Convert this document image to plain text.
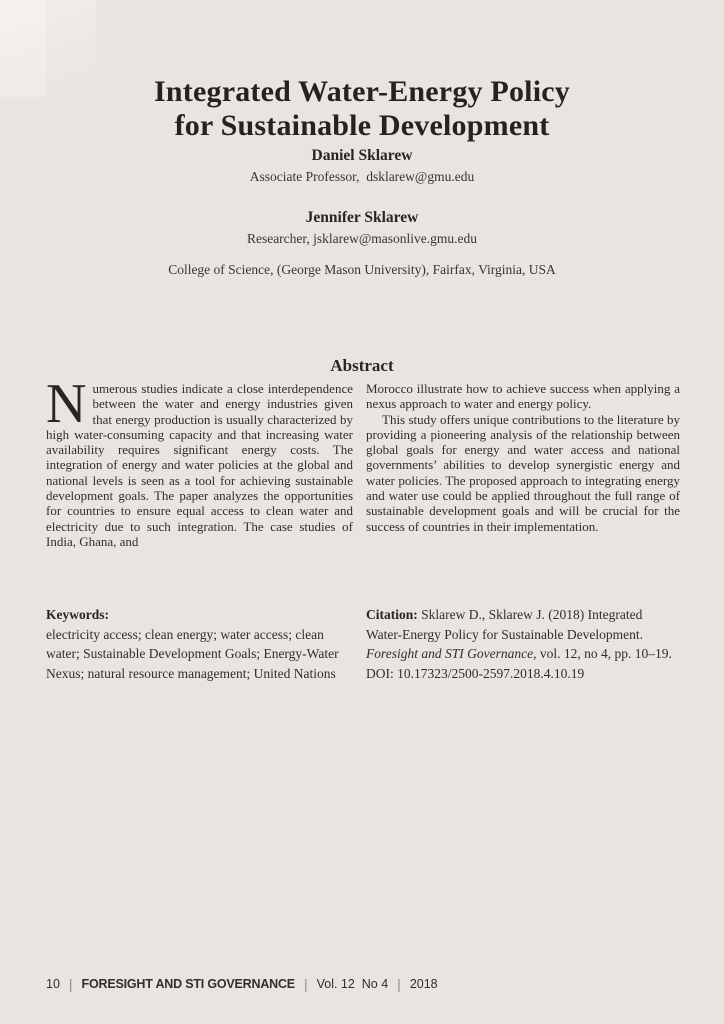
Integrated Water-Energy Policy
for Sustainable Development
Daniel Sklarew
Associate Professor,  dsklarew@gmu.edu
Jennifer Sklarew
Researcher, jsklarew@masonlive.gmu.edu
College of Science, (George Mason University), Fairfax, Virginia, USA
Abstract
Numerous studies indicate a close interdependence between the water and energy industries given that energy production is usually characterized by high water-consuming capacity and that increasing water availability requires significant energy costs. The integration of energy and water policies at the global and national levels is seen as a tool for achieving sustainable development goals. The paper analyzes the opportunities for countries to ensure equal access to clean water and electricity due to such integration. The case studies of India, Ghana, and
Morocco illustrate how to achieve success when applying a nexus approach to water and energy policy.
This study offers unique contributions to the literature by providing a pioneering analysis of the relationship between global goals for energy and water access and national governments’ abilities to develop synergistic energy and water policies. The proposed approach to integrating energy and water use could be applied throughout the full range of sustainable development goals and will be crucial for the success of countries in their implementation.
Keywords:
electricity access; clean energy; water access; clean water; Sustainable Development Goals; Energy-Water Nexus; natural resource management; United Nations
Citation: Sklarew D., Sklarew J. (2018) Integrated Water-Energy Policy for Sustainable Development. Foresight and STI Governance, vol. 12, no 4, pp. 10–19.
DOI: 10.17323/2500-2597.2018.4.10.19
10 | FORESIGHT AND STI GOVERNANCE | Vol. 12  No 4 | 2018
